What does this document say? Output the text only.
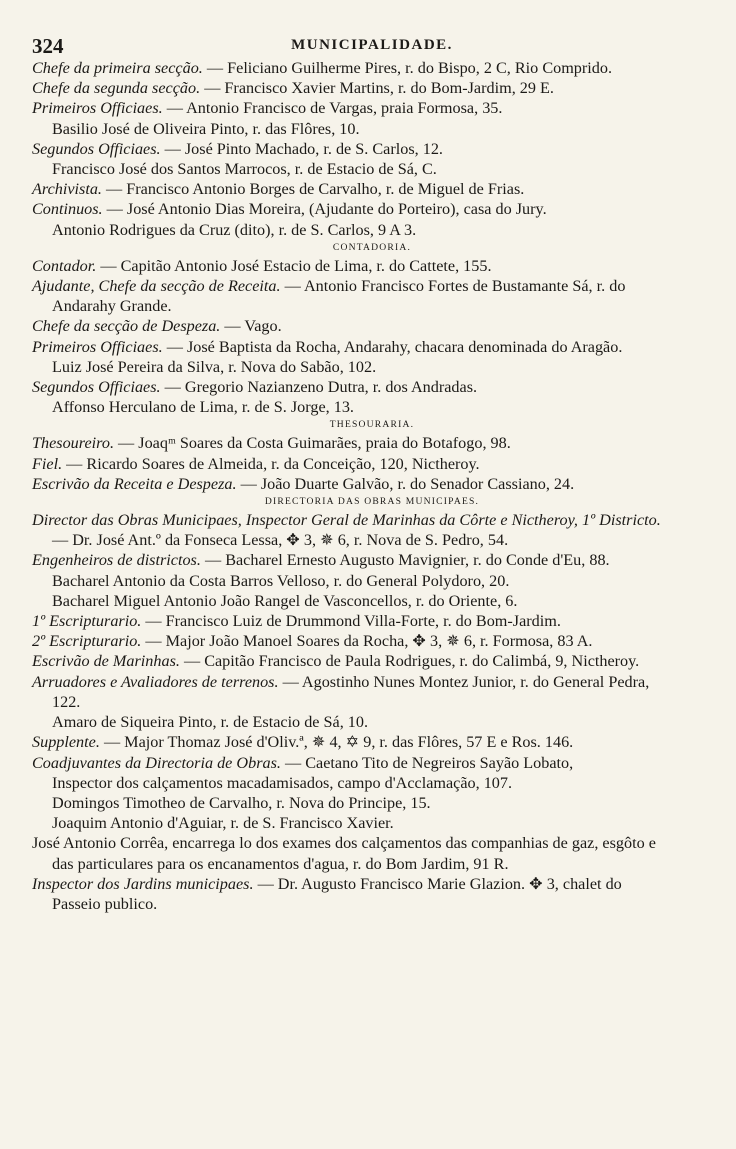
324	MUNICIPALIDADE.

Chefe da primeira secção. — Feliciano Guilherme Pires, r. do Bispo, 2 C, Rio Comprido.

Chefe da segunda secção. — Francisco Xavier Martins, r. do Bom-Jardim, 29 E.

Primeiros Officiaes. — Antonio Francisco de Vargas, praia Formosa, 35.

Basilio José de Oliveira Pinto, r. das Flôres, 10.

Segundos Officiaes. — José Pinto Machado, r. de S. Carlos, 12.

Francisco José dos Santos Marrocos, r. de Estacio de Sá, C.

Archivista. — Francisco Antonio Borges de Carvalho, r. de Miguel de Frias.

Continuos. — José Antonio Dias Moreira, (Ajudante do Porteiro), casa do Jury.

Antonio Rodrigues da Cruz (dito), r. de S. Carlos, 9 A 3.

CONTADORIA.

Contador. — Capitão Antonio José Estacio de Lima, r. do Cattete, 155.

Ajudante, Chefe da secção de Receita. — Antonio Francisco Fortes de Bustamante Sá, r. do Andarahy Grande.

Chefe da secção de Despeza. — Vago.

Primeiros Officiaes. — José Baptista da Rocha, Andarahy, chacara denominada do Aragão.

Luiz José Pereira da Silva, r. Nova do Sabão, 102.

Segundos Officiaes. — Gregorio Nazianzeno Dutra, r. dos Andradas.

Affonso Herculano de Lima, r. de S. Jorge, 13.

THESOURARIA.

Thesoureiro. — Joaqᵐ Soares da Costa Guimarães, praia do Botafogo, 98.

Fiel. — Ricardo Soares de Almeida, r. da Conceição, 120, Nictheroy.

Escrivão da Receita e Despeza. — João Duarte Galvão, r. do Senador Cassiano, 24.

DIRECTORIA DAS OBRAS MUNICIPAES.

Director das Obras Municipaes, Inspector Geral de Marinhas da Côrte e Nictheroy, 1º Districto. — Dr. José Ant.º da Fonseca Lessa, ✥ 3, ✵ 6, r. Nova de S. Pedro, 54.

Engenheiros de districtos. — Bacharel Ernesto Augusto Mavignier, r. do Conde d'Eu, 88.

Bacharel Antonio da Costa Barros Velloso, r. do General Polydoro, 20.

Bacharel Miguel Antonio João Rangel de Vasconcellos, r. do Oriente, 6.

1º Escripturario. — Francisco Luiz de Drummond Villa-Forte, r. do Bom-Jardim.

2º Escripturario. — Major João Manoel Soares da Rocha, ✥ 3, ✵ 6, r. Formosa, 83 A.

Escrivão de Marinhas. — Capitão Francisco de Paula Rodrigues, r. do Calimbá, 9, Nictheroy.

Arruadores e Avaliadores de terrenos. — Agostinho Nunes Montez Junior, r. do General Pedra, 122.

Amaro de Siqueira Pinto, r. de Estacio de Sá, 10.

Supplente. — Major Thomaz José d'Oliv.ª, ✵ 4, ✡ 9, r. das Flôres, 57 E e Ros. 146.

Coadjuvantes da Directoria de Obras. — Caetano Tito de Negreiros Sayão Lobato,

Inspector dos calçamentos macadamisados, campo d'Acclamação, 107.

Domingos Timotheo de Carvalho, r. Nova do Principe, 15.

Joaquim Antonio d'Aguiar, r. de S. Francisco Xavier.

José Antonio Corrêa, encarrega lo dos exames dos calçamentos das companhias de gaz, esgôto e das particulares para os encanamentos d'agua, r. do Bom Jardim, 91 R.

Inspector dos Jardins municipaes. — Dr. Augusto Francisco Marie Glazion. ✥ 3, chalet do Passeio publico.
